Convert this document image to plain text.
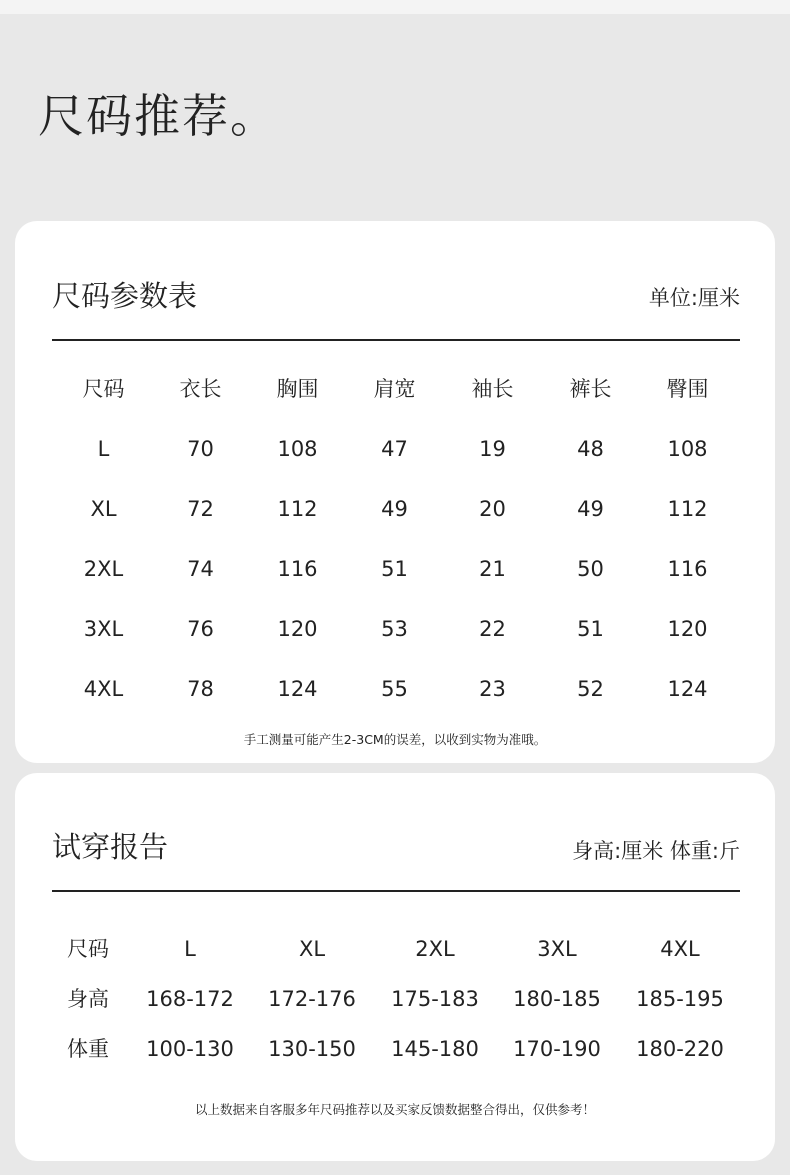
尺码推荐。
尺码参数表	单位:厘米
尺码	衣长	胸围	肩宽	袖长	裤长	臀围
L	70	108	47	19	48	108
XL	72	112	49	20	49	112
2XL	74	116	51	21	50	116
3XL	76	120	53	22	51	120
4XL	78	124	55	23	52	124
手工测量可能产生2-3CM的误差，以收到实物为准哦。
试穿报告	身高:厘米 体重:斤
尺码	L	XL	2XL	3XL	4XL
身高	168-172 172-176 175-183 180-185 185-195
体重	100-130 130-150 145-180 170-190 180-220
以上数据来自客服多年尺码推荐以及买家反馈数据整合得出，仅供参考！
